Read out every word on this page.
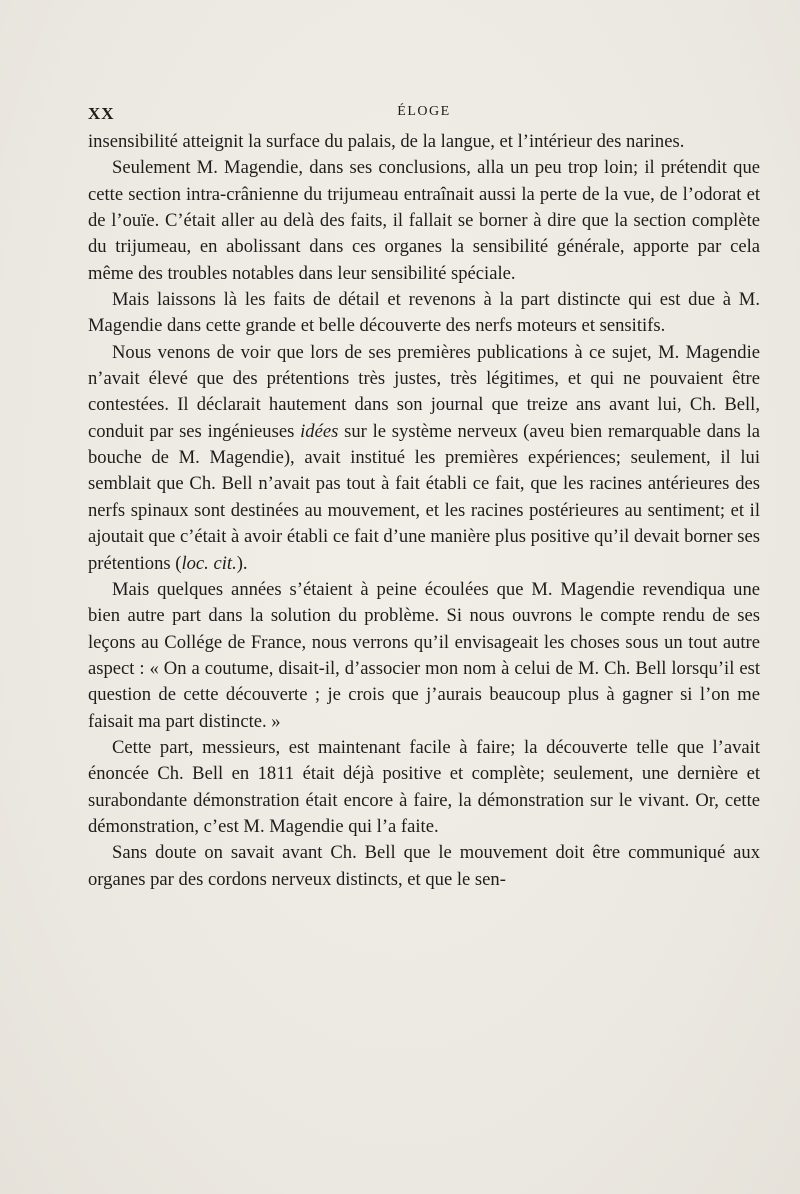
XX	ÉLOGE

insensibilité atteignit la surface du palais, de la langue, et l’intérieur des narines.

Seulement M. Magendie, dans ses conclusions, alla un peu trop loin; il prétendit que cette section intra-crânienne du trijumeau entraînait aussi la perte de la vue, de l’odorat et de l’ouïe. C’était aller au delà des faits, il fallait se borner à dire que la section complète du trijumeau, en abolissant dans ces organes la sensibilité générale, apporte par cela même des troubles notables dans leur sensibilité spéciale.

Mais laissons là les faits de détail et revenons à la part distincte qui est due à M. Magendie dans cette grande et belle découverte des nerfs moteurs et sensitifs.

Nous venons de voir que lors de ses premières publications à ce sujet, M. Magendie n’avait élevé que des prétentions très justes, très légitimes, et qui ne pouvaient être contestées. Il déclarait hautement dans son journal que treize ans avant lui, Ch. Bell, conduit par ses ingénieuses idées sur le système nerveux (aveu bien remarquable dans la bouche de M. Magendie), avait institué les premières expériences; seulement, il lui semblait que Ch. Bell n’avait pas tout à fait établi ce fait, que les racines antérieures des nerfs spinaux sont destinées au mouvement, et les racines postérieures au sentiment; et il ajoutait que c’était à avoir établi ce fait d’une manière plus positive qu’il devait borner ses prétentions (loc. cit.).

Mais quelques années s’étaient à peine écoulées que M. Magendie revendiqua une bien autre part dans la solution du problème. Si nous ouvrons le compte rendu de ses leçons au Collége de France, nous verrons qu’il envisageait les choses sous un tout autre aspect : « On a coutume, disait-il, d’associer mon nom à celui de M. Ch. Bell lorsqu’il est question de cette découverte ; je crois que j’aurais beaucoup plus à gagner si l’on me faisait ma part distincte. »

Cette part, messieurs, est maintenant facile à faire; la découverte telle que l’avait énoncée Ch. Bell en 1811 était déjà positive et complète; seulement, une dernière et surabondante démonstration était encore à faire, la démonstration sur le vivant. Or, cette démonstration, c’est M. Magendie qui l’a faite.

Sans doute on savait avant Ch. Bell que le mouvement doit être communiqué aux organes par des cordons nerveux distincts, et que le sen-
